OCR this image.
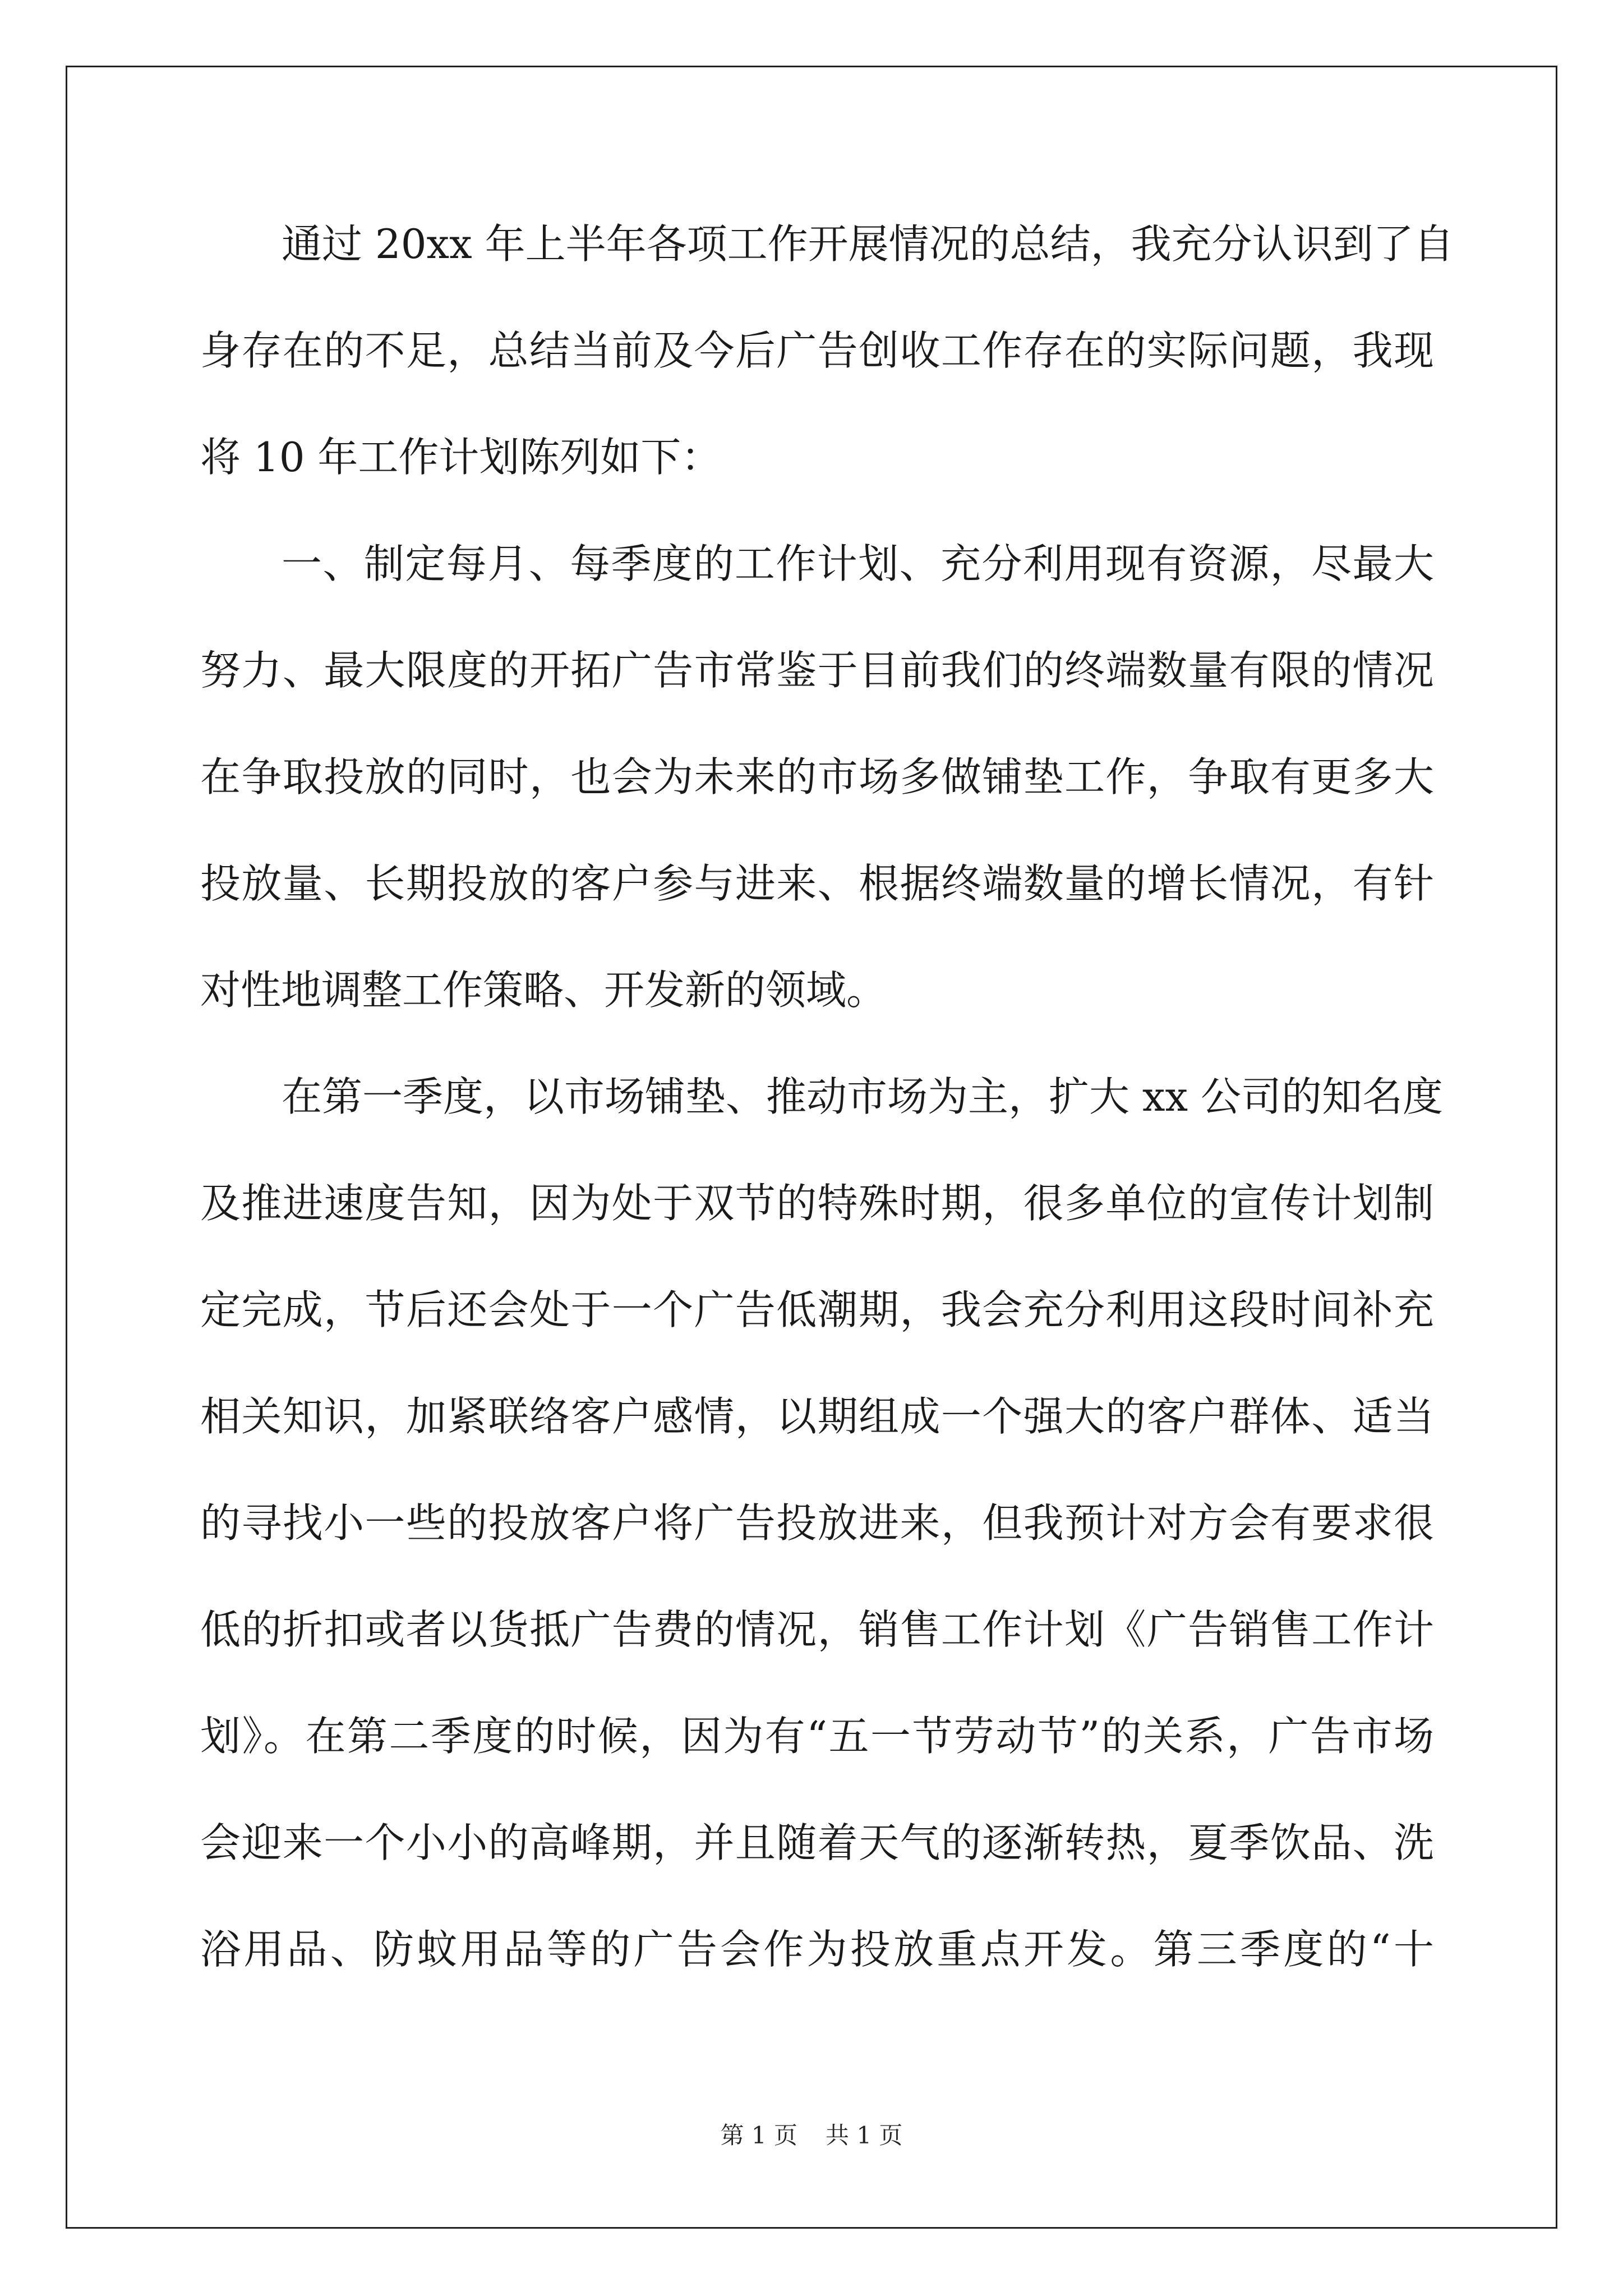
通过 20xx 年上半年各项工作开展情况的总结，我充分认识到了自
身存在的不足，总结当前及今后广告创收工作存在的实际问题，我现
将 10 年工作计划陈列如下：
一、制定每月、每季度的工作计划、充分利用现有资源，尽最大
努力、最大限度的开拓广告市常鉴于目前我们的终端数量有限的情况
在争取投放的同时，也会为未来的市场多做铺垫工作，争取有更多大
投放量、长期投放的客户参与进来、根据终端数量的增长情况，有针
对性地调整工作策略、开发新的领域。
在第一季度，以市场铺垫、推动市场为主，扩大 xx 公司的知名度
及推进速度告知，因为处于双节的特殊时期，很多单位的宣传计划制
定完成，节后还会处于一个广告低潮期，我会充分利用这段时间补充
相关知识，加紧联络客户感情，以期组成一个强大的客户群体、适当
的寻找小一些的投放客户将广告投放进来，但我预计对方会有要求很
低的折扣或者以货抵广告费的情况，销售工作计划《广告销售工作计
划》。在第二季度的时候，因为有“五一节劳动节”的关系，广告市场
会迎来一个小小的高峰期，并且随着天气的逐渐转热，夏季饮品、洗
浴用品、防蚊用品等的广告会作为投放重点开发。第三季度的“十
第 1 页 共 1 页
